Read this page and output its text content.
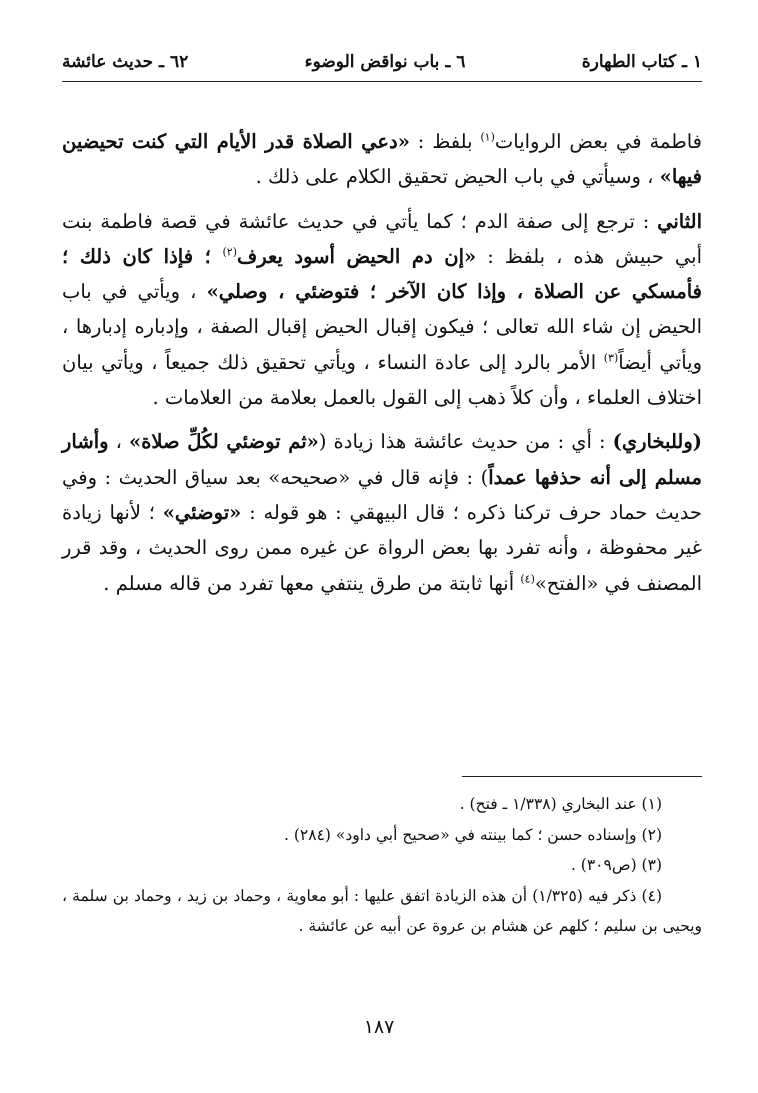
١ ـ كتاب الطهارة
٦ ـ باب نواقض الوضوء
٦٢ ـ حديث عائشة

فاطمة في بعض الروايات$^{(١)}$ بلفظ : «دعي الصلاة قدر الأيام التي كنت تحيضين فيها» ، وسيأتي في باب الحيض تحقيق الكلام على ذلك .

الثاني : ترجع إلى صفة الدم ؛ كما يأتي في حديث عائشة في قصة فاطمة بنت أبي حبيش هذه ، بلفظ : «إن دم الحيض أسود يعرف$^{(٢)}$ ؛ فإذا كان ذلك ؛ فأمسكي عن الصلاة ، وإذا كان الآخر ؛ فتوضئي ، وصلي» ، ويأتي في باب الحيض إن شاء الله تعالى ؛ فيكون إقبال الحيض إقبال الصفة ، وإدباره إدبارها ، ويأتي أيضاً$^{(٣)}$ الأمر بالرد إلى عادة النساء ، ويأتي تحقيق ذلك جميعاً ، ويأتي بيان اختلاف العلماء ، وأن كلاً ذهب إلى القول بالعمل بعلامة من العلامات .

(وللبخاري) : أي : من حديث عائشة هذا زيادة («ثم توضئي لكُلِّ صلاة» ، وأشار مسلم إلى أنه حذفها عمداً) : فإنه قال في «صحيحه» بعد سياق الحديث : وفي حديث حماد حرف تركنا ذكره ؛ قال البيهقي : هو قوله : «توضئي» ؛ لأنها زيادة غير محفوظة ، وأنه تفرد بها بعض الرواة عن غيره ممن روى الحديث ، وقد قرر المصنف في «الفتح»$^{(٤)}$ أنها ثابتة من طرق ينتفي معها تفرد من قاله مسلم .

(١) عند البخاري (١/٣٣٨ ـ فتح) .

(٢) وإسناده حسن ؛ كما بينته في «صحيح أبي داود» (٢٨٤) .

(٣) (ص٣٠٩) .

(٤) ذكر فيه (١/٣٢٥) أن هذه الزيادة اتفق عليها : أبو معاوية ، وحماد بن زيد ، وحماد بن سلمة ، ويحيى بن سليم ؛ كلهم عن هشام بن عروة عن أبيه عن عائشة .

١٨٧
